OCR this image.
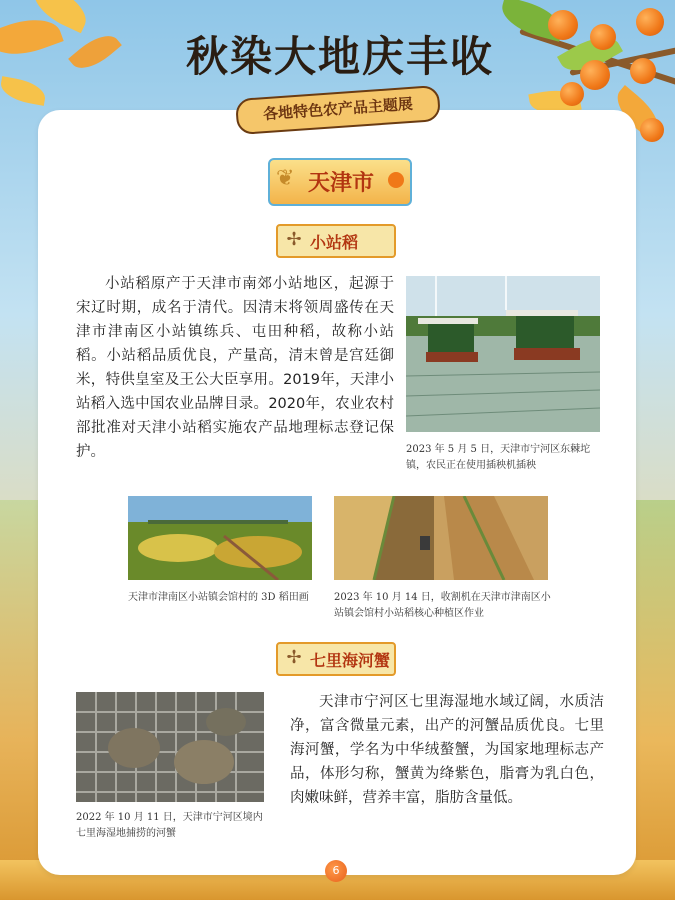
秋染大地庆丰收
各地特色农产品主题展
❦ 天津市
✢ 小站稻
小站稻原产于天津市南郊小站地区，起源于宋辽时期，成名于清代。因清末将领周盛传在天津市津南区小站镇练兵、屯田种稻，故称小站稻。小站稻品质优良，产量高，清末曾是宫廷御米，特供皇室及王公大臣享用。2019年，天津小站稻入选中国农业品牌目录。2020年，农业农村部批准对天津小站稻实施农产品地理标志登记保护。	2023 年 5 月 5 日，天津市宁河区东棘坨镇，农民正在使用插秧机插秧
天津市津南区小站镇会馆村的 3D 稻田画	2023 年 10 月 14 日，收割机在天津市津南区小站镇会馆村小站稻核心种植区作业
✢ 七里海河蟹
2022 年 10 月 11 日，天津市宁河区境内七里海湿地捕捞的河蟹
天津市宁河区七里海湿地水域辽阔，水质洁净，富含微量元素，出产的河蟹品质优良。七里海河蟹，学名为中华绒螯蟹，为国家地理标志产品，体形匀称，蟹黄为绛紫色，脂膏为乳白色，肉嫩味鲜，营养丰富，脂肪含量低。
6
